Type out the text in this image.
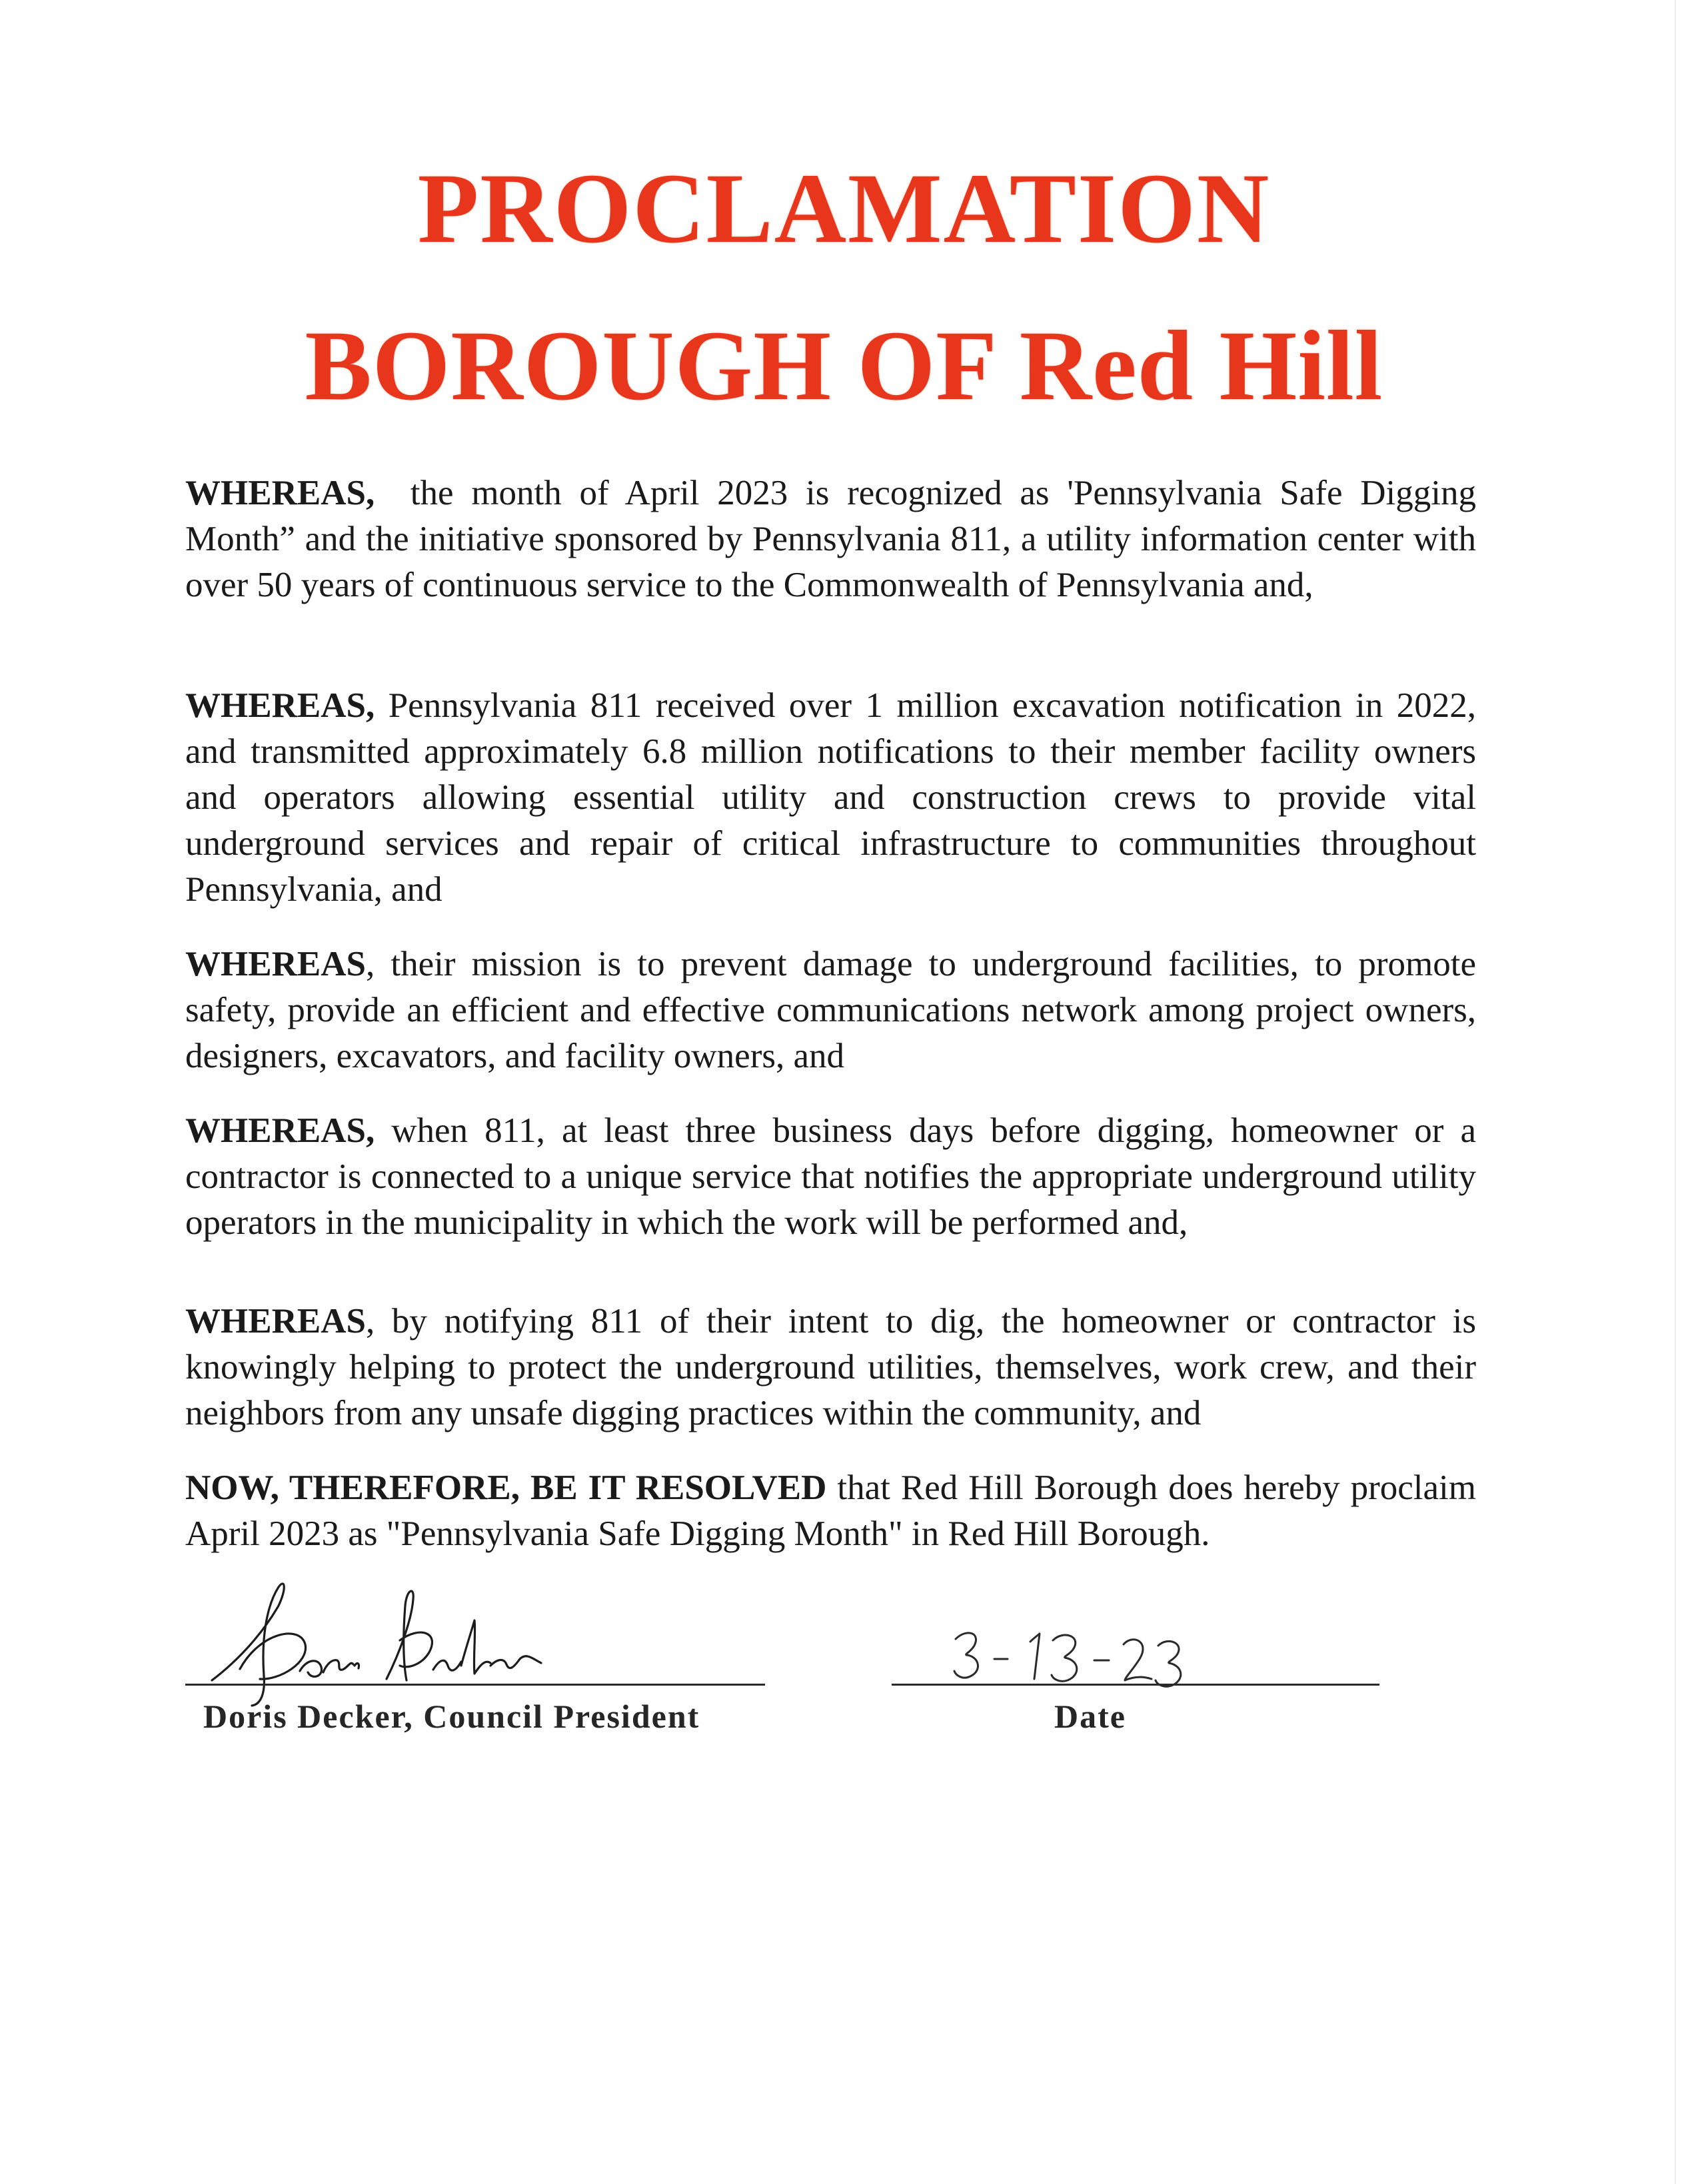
PROCLAMATION
BOROUGH OF Red Hill

WHEREAS,  the month of April 2023 is recognized as 'Pennsylvania Safe Digging Month” and the initiative sponsored by Pennsylvania 811, a utility information center with over 50 years of continuous service to the Commonwealth of Pennsylvania and,

WHEREAS, Pennsylvania 811 received over 1 million excavation notification in 2022, and transmitted approximately 6.8 million notifications to their member facility owners and operators allowing essential utility and construction crews to provide vital underground services and repair of critical infrastructure to communities throughout Pennsylvania, and

WHEREAS, their mission is to prevent damage to underground facilities, to promote safety, provide an efficient and effective communications network among project owners, designers, excavators, and facility owners, and

WHEREAS, when 811, at least three business days before digging, homeowner or a contractor is connected to a unique service that notifies the appropriate underground utility operators in the municipality in which the work will be performed and,

WHEREAS, by notifying 811 of their intent to dig, the homeowner or contractor is knowingly helping to protect the underground utilities, themselves, work crew, and their neighbors from any unsafe digging practices within the community, and

NOW, THEREFORE, BE IT RESOLVED that Red Hill Borough does hereby proclaim April 2023 as "Pennsylvania Safe Digging Month" in Red Hill Borough.

Doris Decker, Council President	Date
